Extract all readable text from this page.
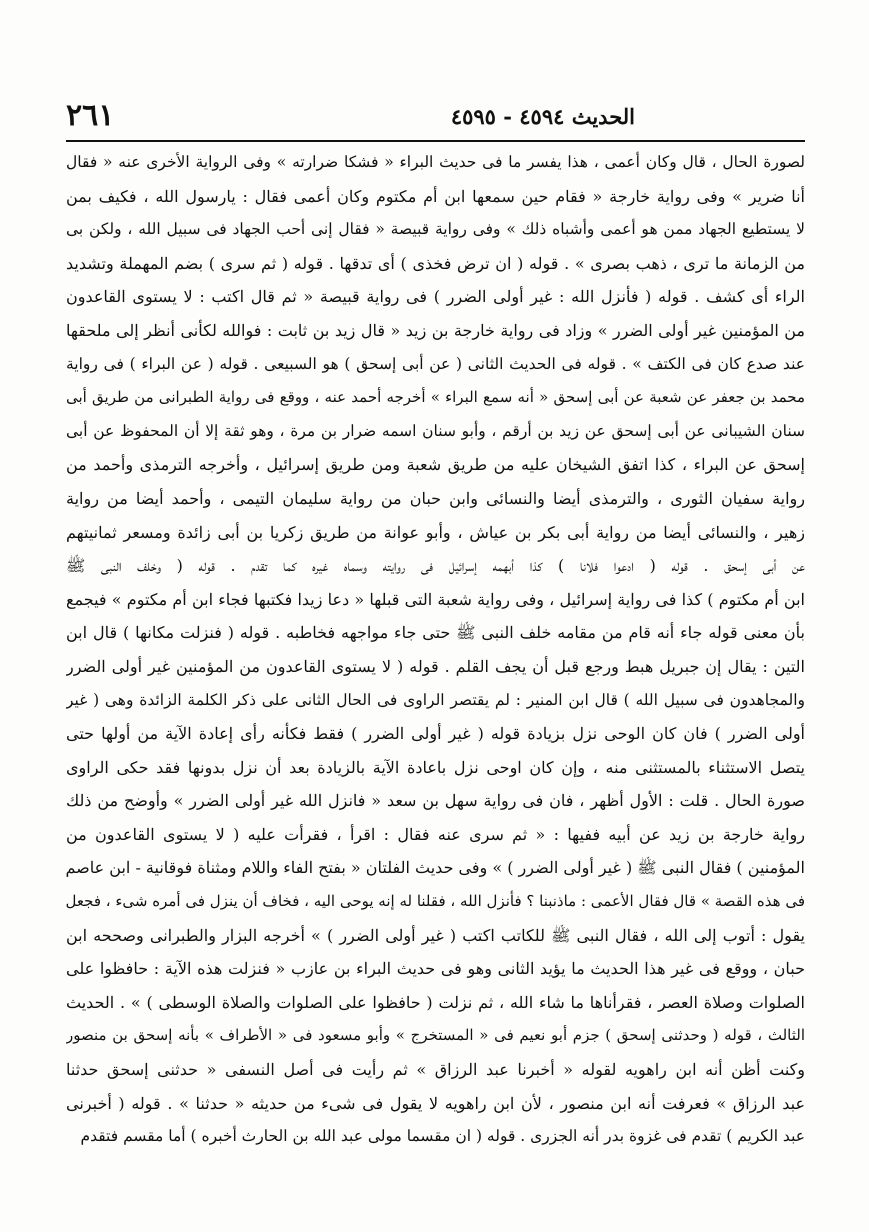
٢٦١	الحديث ٤٥٩٤ - ٤٥٩٥
لصورة الحال ، قال وكان أعمى ، هذا يفسر ما فى حديث البراء « فشكا ضرارته » وفى الرواية الأخرى عنه « فقال
أنا ضرير » وفى رواية خارجة « فقام حين سمعها ابن أم مكتوم وكان أعمى فقال : يارسول الله ، فكيف بمن
لا يستطيع الجهاد ممن هو أعمى وأشباه ذلك » وفى رواية قبيصة « فقال إنى أحب الجهاد فى سبيل الله ، ولكن بى
من الزمانة ما ترى ، ذهب بصرى » . قوله ( ان ترض فخذى ) أى تدقها . قوله ( ثم سرى ) بضم المهملة وتشديد
الراء أى كشف . قوله ( فأنزل الله : غير أولى الضرر ) فى رواية قبيصة « ثم قال اكتب : لا يستوى القاعدون
من المؤمنين غير أولى الضرر » وزاد فى رواية خارجة بن زيد « قال زيد بن ثابت : فوالله لكأنى أنظر إلى ملحقها
عند صدع كان فى الكتف » . قوله فى الحديث الثانى ( عن أبى إسحق ) هو السبيعى . قوله ( عن البراء ) فى رواية
محمد بن جعفر عن شعبة عن أبى إسحق « أنه سمع البراء » أخرجه أحمد عنه ، ووقع فى رواية الطبرانى من طريق أبى
سنان الشيبانى عن أبى إسحق عن زيد بن أرقم ، وأبو سنان اسمه ضرار بن مرة ، وهو ثقة إلا أن المحفوظ عن أبى
إسحق عن البراء ، كذا اتفق الشيخان عليه من طريق شعبة ومن طريق إسرائيل ، وأخرجه الترمذى وأحمد من
رواية سفيان الثورى ، والترمذى أيضا والنسائى وابن حبان من رواية سليمان التيمى ، وأحمد أيضا من رواية
زهير ، والنسائى أيضا من رواية أبى بكر بن عياش ، وأبو عوانة من طريق زكريا بن أبى زائدة ومسعر ثمانيتهم
عن أبى إسحق . قوله ( ادعوا فلانا ) كذا أبهمه إسرائيل فى روايته وسماه غيره كما تقدم . قوله ( وخلف النبى ﷺ
ابن أم مكتوم ) كذا فى رواية إسرائيل ، وفى رواية شعبة التى قبلها « دعا زيدا فكتبها فجاء ابن أم مكتوم » فيجمع
بأن معنى قوله جاء أنه قام من مقامه خلف النبى ﷺ حتى جاء مواجهه فخاطبه . قوله ( فنزلت مكانها ) قال ابن
التين : يقال إن جبريل هبط ورجع قبل أن يجف القلم . قوله ( لا يستوى القاعدون من المؤمنين غير أولى الضرر
والمجاهدون فى سبيل الله ) قال ابن المنير : لم يقتصر الراوى فى الحال الثانى على ذكر الكلمة الزائدة وهى ( غير
أولى الضرر ) فان كان الوحى نزل بزيادة قوله ( غير أولى الضرر ) فقط فكأنه رأى إعادة الآية من أولها حتى
يتصل الاستثناء بالمستثنى منه ، وإن كان اوحى نزل باعادة الآية بالزيادة بعد أن نزل بدونها فقد حكى الراوى
صورة الحال . قلت : الأول أظهر ، فان فى رواية سهل بن سعد « فانزل الله غير أولى الضرر » وأوضح من ذلك
رواية خارجة بن زيد عن أبيه ففيها : « ثم سرى عنه فقال : اقرأ ، فقرأت عليه ( لا يستوى القاعدون من
المؤمنين ) فقال النبى ﷺ ( غير أولى الضرر ) » وفى حديث الفلتان « بفتح الفاء واللام ومثناة فوقانية - ابن عاصم
فى هذه القصة » قال فقال الأعمى : ماذنبنا ؟ فأنزل الله ، فقلنا له إنه يوحى اليه ، فخاف أن ينزل فى أمره شىء ، فجعل
يقول : أتوب إلى الله ، فقال النبى ﷺ للكاتب اكتب ( غير أولى الضرر ) » أخرجه البزار والطبرانى وصححه ابن
حبان ، ووقع فى غير هذا الحديث ما يؤيد الثانى وهو فى حديث البراء بن عازب « فنزلت هذه الآية : حافظوا على
الصلوات وصلاة العصر ، فقرأناها ما شاء الله ، ثم نزلت ( حافظوا على الصلوات والصلاة الوسطى ) » . الحديث
الثالث ، قوله ( وحدثنى إسحق ) جزم أبو نعيم فى « المستخرج » وأبو مسعود فى « الأطراف » بأنه إسحق بن منصور
وكنت أظن أنه ابن راهويه لقوله « أخبرنا عبد الرزاق » ثم رأيت فى أصل النسفى « حدثنى إسحق حدثنا
عبد الرزاق » فعرفت أنه ابن منصور ، لأن ابن راهويه لا يقول فى شىء من حديثه « حدثنا » . قوله ( أخبرنى
عبد الكريم ) تقدم فى غزوة بدر أنه الجزرى . قوله ( ان مقسما مولى عبد الله بن الحارث أخبره ) أما مقسم فتقدم
